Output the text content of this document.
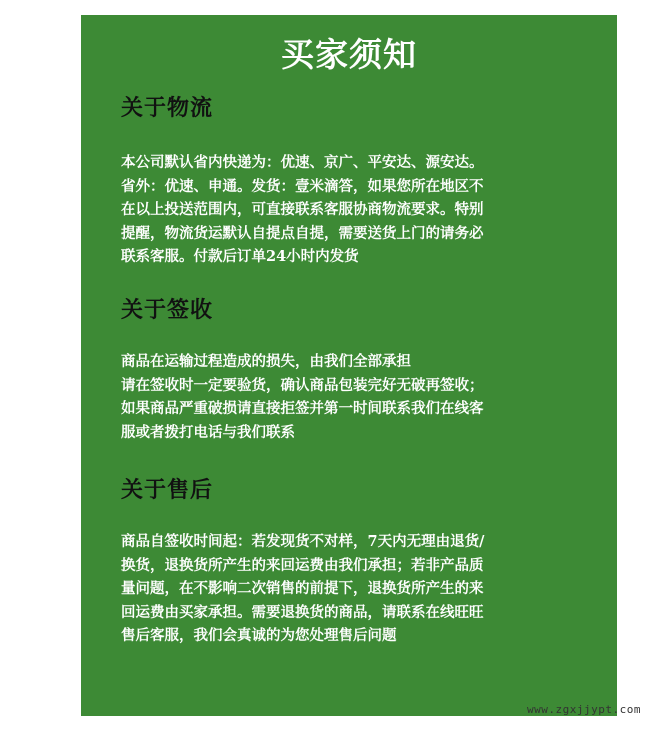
买家须知
关于物流
本公司默认省内快递为：优速、京广、平安达、源安达。
省外：优速、申通。发货：壹米滴答，如果您所在地区不
在以上投送范围内，可直接联系客服协商物流要求。特别
提醒，物流货运默认自提点自提，需要送货上门的请务必
联系客服。付款后订单24小时内发货
关于签收
商品在运输过程造成的损失，由我们全部承担
请在签收时一定要验货，确认商品包装完好无破再签收；
如果商品严重破损请直接拒签并第一时间联系我们在线客
服或者拨打电话与我们联系
关于售后
商品自签收时间起：若发现货不对样，7天内无理由退货/
换货，退换货所产生的来回运费由我们承担；若非产品质
量问题，在不影响二次销售的前提下，退换货所产生的来
回运费由买家承担。需要退换货的商品，请联系在线旺旺
售后客服，我们会真诚的为您处理售后问题
www.zgxjjypt.com
